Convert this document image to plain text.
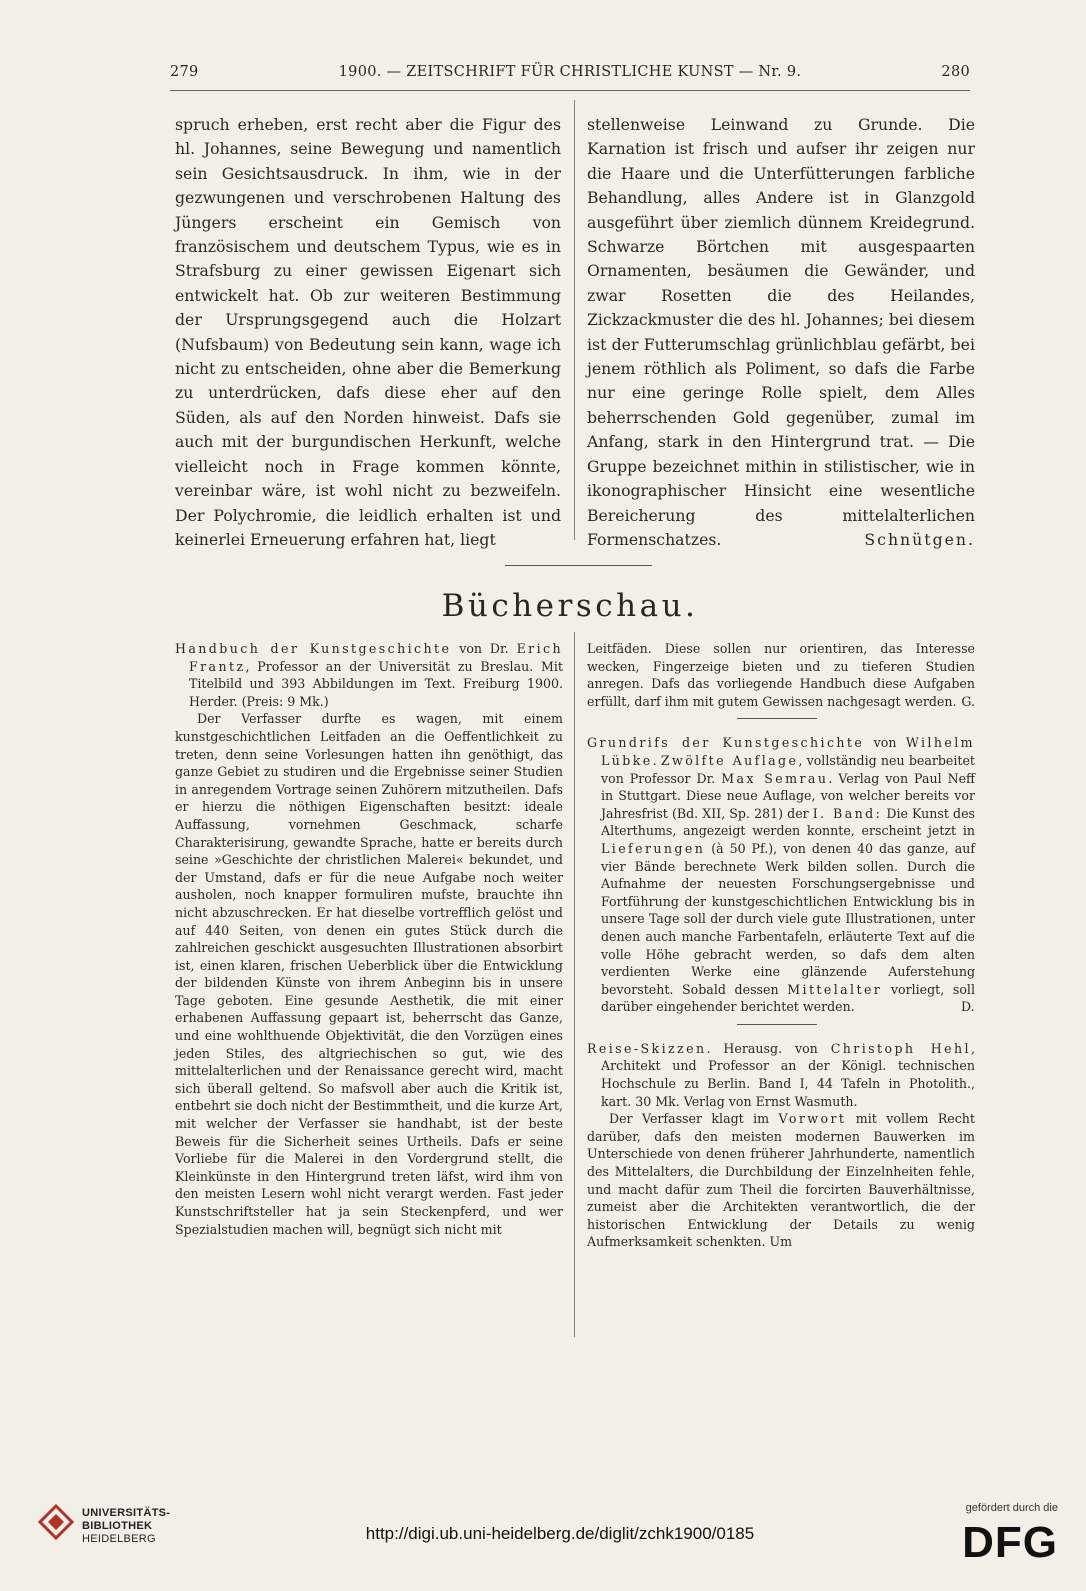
279	1900. — ZEITSCHRIFT FÜR CHRISTLICHE KUNST — Nr. 9.	280

spruch erheben, erst recht aber die Figur des hl. Johannes, seine Bewegung und namentlich sein Gesichtsausdruck. In ihm, wie in der gezwungenen und verschrobenen Haltung des Jüngers erscheint ein Gemisch von französischem und deutschem Typus, wie es in Strafsburg zu einer gewissen Eigenart sich entwickelt hat. Ob zur weiteren Bestimmung der Ursprungsgegend auch die Holzart (Nufsbaum) von Bedeutung sein kann, wage ich nicht zu entscheiden, ohne aber die Bemerkung zu unterdrücken, dafs diese eher auf den Süden, als auf den Norden hinweist. Dafs sie auch mit der burgundischen Herkunft, welche vielleicht noch in Frage kommen könnte, vereinbar wäre, ist wohl nicht zu bezweifeln. Der Polychromie, die leidlich erhalten ist und keinerlei Erneuerung erfahren hat, liegt

stellenweise Leinwand zu Grunde. Die Karnation ist frisch und aufser ihr zeigen nur die Haare und die Unterfütterungen farbliche Behandlung, alles Andere ist in Glanzgold ausgeführt über ziemlich dünnem Kreidegrund. Schwarze Börtchen mit ausgespaarten Ornamenten, besäumen die Gewänder, und zwar Rosetten die des Heilandes, Zickzackmuster die des hl. Johannes; bei diesem ist der Futterumschlag grünlichblau gefärbt, bei jenem röthlich als Poliment, so dafs die Farbe nur eine geringe Rolle spielt, dem Alles beherrschenden Gold gegenüber, zumal im Anfang, stark in den Hintergrund trat. — Die Gruppe bezeichnet mithin in stilistischer, wie in ikonographischer Hinsicht eine wesentliche Bereicherung des mittelalterlichen Formenschatzes.	Schnütgen.

Bücherschau.

Handbuch der Kunstgeschichte von Dr. Erich Frantz, Professor an der Universität zu Breslau. Mit Titelbild und 393 Abbildungen im Text. Freiburg 1900. Herder. (Preis: 9 Mk.)

Der Verfasser durfte es wagen, mit einem kunstgeschichtlichen Leitfaden an die Oeffentlichkeit zu treten, denn seine Vorlesungen hatten ihn genöthigt, das ganze Gebiet zu studiren und die Ergebnisse seiner Studien in anregendem Vortrage seinen Zuhörern mitzutheilen. Dafs er hierzu die nöthigen Eigenschaften besitzt: ideale Auffassung, vornehmen Geschmack, scharfe Charakterisirung, gewandte Sprache, hatte er bereits durch seine »Geschichte der christlichen Malerei« bekundet, und der Umstand, dafs er für die neue Aufgabe noch weiter ausholen, noch knapper formuliren mufste, brauchte ihn nicht abzuschrecken. Er hat dieselbe vortrefflich gelöst und auf 440 Seiten, von denen ein gutes Stück durch die zahlreichen geschickt ausgesuchten Illustrationen absorbirt ist, einen klaren, frischen Ueberblick über die Entwicklung der bildenden Künste von ihrem Anbeginn bis in unsere Tage geboten. Eine gesunde Aesthetik, die mit einer erhabenen Auffassung gepaart ist, beherrscht das Ganze, und eine wohlthuende Objektivität, die den Vorzügen eines jeden Stiles, des altgriechischen so gut, wie des mittelalterlichen und der Renaissance gerecht wird, macht sich überall geltend. So mafsvoll aber auch die Kritik ist, entbehrt sie doch nicht der Bestimmtheit, und die kurze Art, mit welcher der Verfasser sie handhabt, ist der beste Beweis für die Sicherheit seines Urtheils. Dafs er seine Vorliebe für die Malerei in den Vordergrund stellt, die Kleinkünste in den Hintergrund treten läfst, wird ihm von den meisten Lesern wohl nicht verargt werden. Fast jeder Kunstschriftsteller hat ja sein Steckenpferd, und wer Spezialstudien machen will, begnügt sich nicht mit

Leitfäden. Diese sollen nur orientiren, das Interesse wecken, Fingerzeige bieten und zu tieferen Studien anregen. Dafs das vorliegende Handbuch diese Aufgaben erfüllt, darf ihm mit gutem Gewissen nachgesagt werden. G.

Grundrifs der Kunstgeschichte von Wilhelm Lübke. Zwölfte Auflage, vollständig neu bearbeitet von Professor Dr. Max Semrau. Verlag von Paul Neff in Stuttgart. Diese neue Auflage, von welcher bereits vor Jahresfrist (Bd. XII, Sp. 281) der I. Band: Die Kunst des Alterthums, angezeigt werden konnte, erscheint jetzt in Lieferungen (à 50 Pf.), von denen 40 das ganze, auf vier Bände berechnete Werk bilden sollen. Durch die Aufnahme der neuesten Forschungsergebnisse und Fortführung der kunstgeschichtlichen Entwicklung bis in unsere Tage soll der durch viele gute Illustrationen, unter denen auch manche Farbentafeln, erläuterte Text auf die volle Höhe gebracht werden, so dafs dem alten verdienten Werke eine glänzende Auferstehung bevorsteht. Sobald dessen Mittelalter vorliegt, soll darüber eingehender berichtet werden.	D.

Reise-Skizzen. Herausg. von Christoph Hehl, Architekt und Professor an der Königl. technischen Hochschule zu Berlin. Band I, 44 Tafeln in Photolith., kart. 30 Mk. Verlag von Ernst Wasmuth.

Der Verfasser klagt im Vorwort mit vollem Recht darüber, dafs den meisten modernen Bauwerken im Unterschiede von denen früherer Jahrhunderte, namentlich des Mittelalters, die Durchbildung der Einzelnheiten fehle, und macht dafür zum Theil die forcirten Bauverhältnisse, zumeist aber die Architekten verantwortlich, die der historischen Entwicklung der Details zu wenig Aufmerksamkeit schenkten. Um

UNIVERSITÄTS-
BIBLIOTHEK
HEIDELBERG	http://digi.ub.uni-heidelberg.de/diglit/zchk1900/0185
gefördert durch die
DFG
